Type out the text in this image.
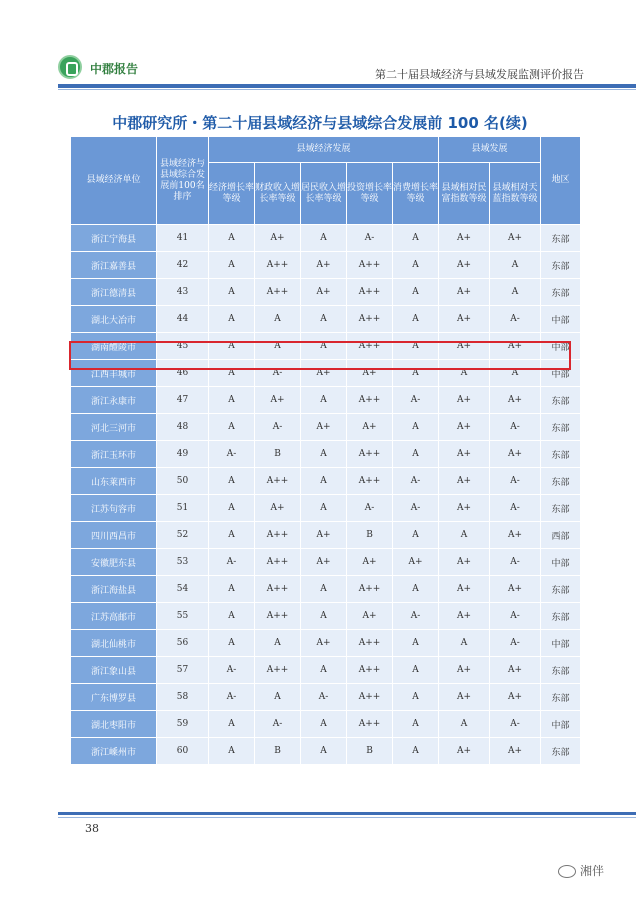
中郡报告	第二十届县域经济与县域发展监测评价报告
中郡研究所・第二十届县域经济与县域综合发展前 100 名(续)
县域经济单位	县域经济与县域综合发展前100名排序	县域经济发展					县域发展		地区
		经济增长率等级	财政收入增长率等级	居民收入增长率等级	投资增长率等级	消费增长率等级	县域相对民富指数等级	县域相对天蓝指数等级	
浙江宁海县	41	A	A+	A	A-	A	A+	A+	东部
浙江嘉善县	42	A	A++	A+	A++	A	A+	A	东部
浙江德清县	43	A	A++	A+	A++	A	A+	A	东部
湖北大冶市	44	A	A	A	A++	A	A+	A-	中部
湖南醴陵市	45	A	A	A	A++	A	A+	A+	中部
江西丰城市	46	A	A-	A+	A+	A	A	A	中部
浙江永康市	47	A	A+	A	A++	A-	A+	A+	东部
河北三河市	48	A	A-	A+	A+	A	A+	A-	东部
浙江玉环市	49	A-	B	A	A++	A	A+	A+	东部
山东莱西市	50	A	A++	A	A++	A-	A+	A-	东部
江苏句容市	51	A	A+	A	A-	A-	A+	A-	东部
四川西昌市	52	A	A++	A+	B	A	A	A+	西部
安徽肥东县	53	A-	A++	A+	A+	A+	A+	A-	中部
浙江海盐县	54	A	A++	A	A++	A	A+	A+	东部
江苏高邮市	55	A	A++	A	A+	A-	A+	A-	东部
湖北仙桃市	56	A	A	A+	A++	A	A	A-	中部
浙江象山县	57	A-	A++	A	A++	A	A+	A+	东部
广东博罗县	58	A-	A	A-	A++	A	A+	A+	东部
湖北枣阳市	59	A	A-	A	A++	A	A	A-	中部
浙江嵊州市	60	A	B	A	B	A	A+	A+	东部
38
湘伴
